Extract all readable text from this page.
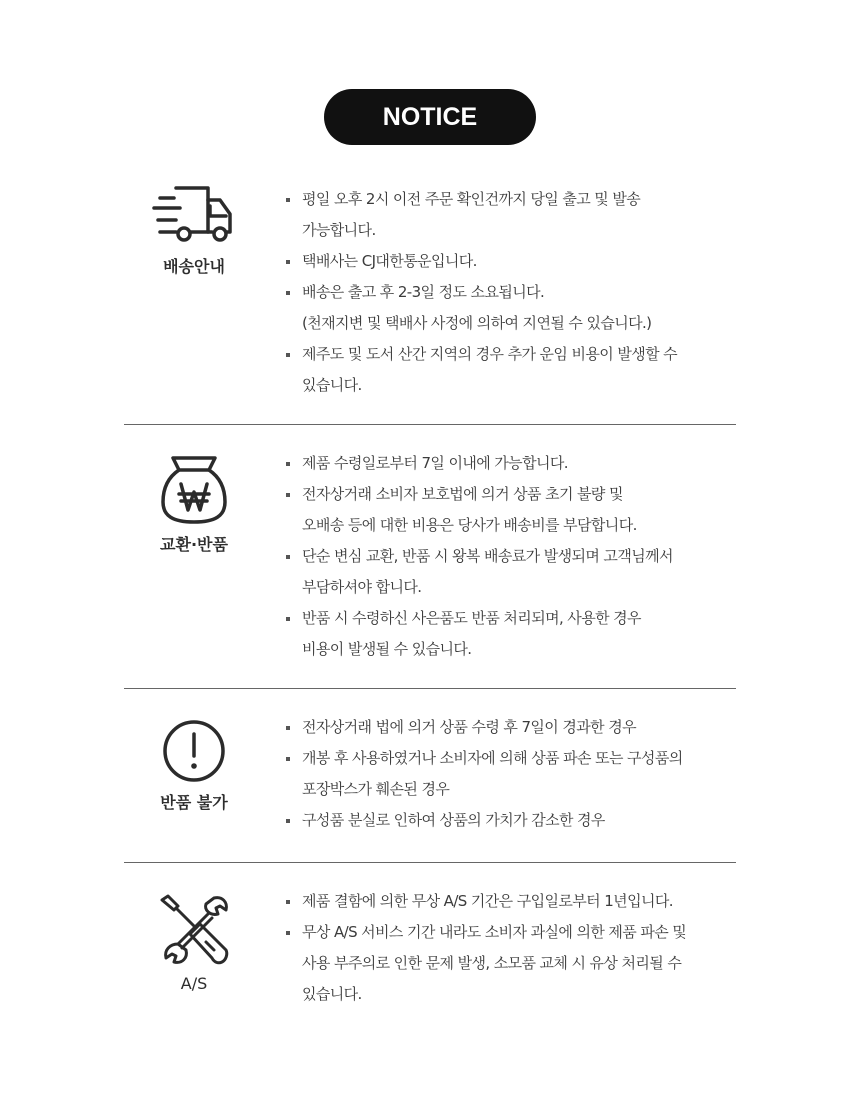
NOTICE
배송안내
평일 오후 2시 이전 주문 확인건까지 당일 출고 및 발송
가능합니다.
택배사는 CJ대한통운입니다.
배송은 출고 후 2-3일 정도 소요됩니다.
(천재지변 및 택배사 사정에 의하여 지연될 수 있습니다.)
제주도 및 도서 산간 지역의 경우 추가 운임 비용이 발생할 수
있습니다.
교환·반품
제품 수령일로부터 7일 이내에 가능합니다.
전자상거래 소비자 보호법에 의거 상품 초기 불량 및
오배송 등에 대한 비용은 당사가 배송비를 부담합니다.
단순 변심 교환, 반품 시 왕복 배송료가 발생되며 고객님께서
부담하셔야 합니다.
반품 시 수령하신 사은품도 반품 처리되며, 사용한 경우
비용이 발생될 수 있습니다.
반품 불가
전자상거래 법에 의거 상품 수령 후 7일이 경과한 경우
개봉 후 사용하였거나 소비자에 의해 상품 파손 또는 구성품의
포장박스가 훼손된 경우
구성품 분실로 인하여 상품의 가치가 감소한 경우
A/S
제품 결함에 의한 무상 A/S 기간은 구입일로부터 1년입니다.
무상 A/S 서비스 기간 내라도 소비자 과실에 의한 제품 파손 및
사용 부주의로 인한 문제 발생, 소모품 교체 시 유상 처리될 수
있습니다.
